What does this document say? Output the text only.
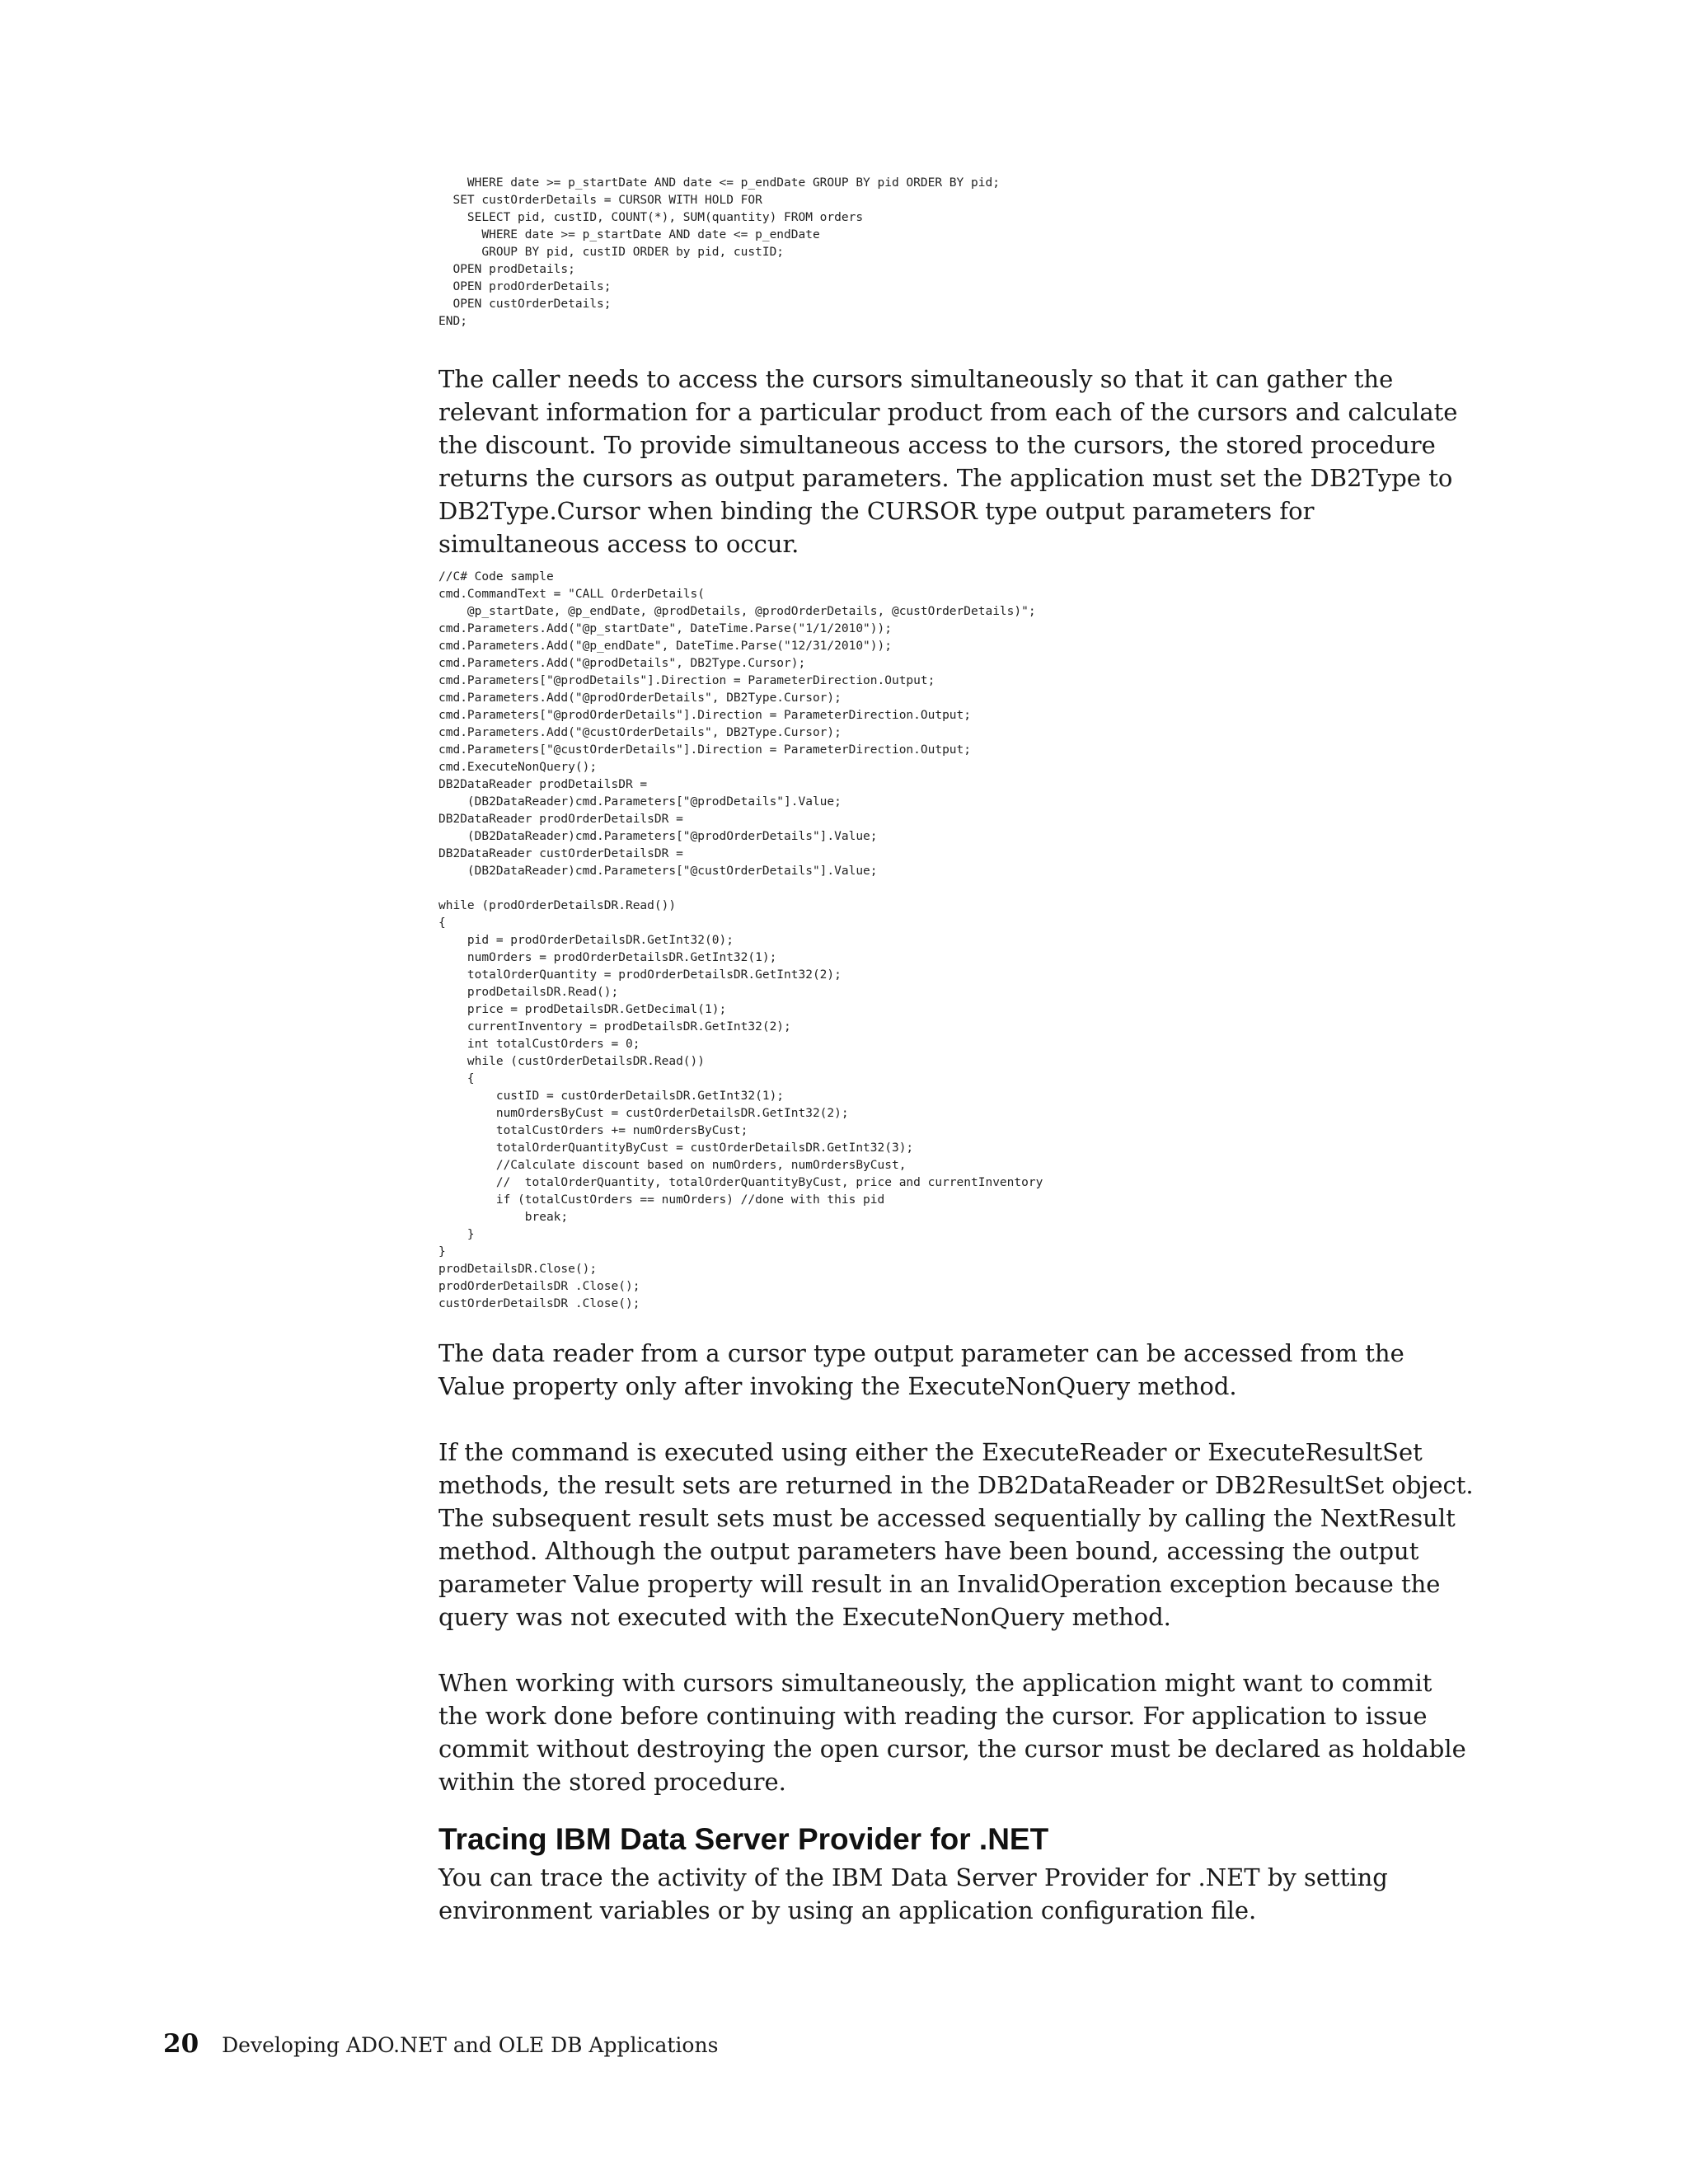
WHERE date >= p_startDate AND date <= p_endDate GROUP BY pid ORDER BY pid;
SET custOrderDetails = CURSOR WITH HOLD FOR
SELECT pid, custID, COUNT(*), SUM(quantity) FROM orders
WHERE date >= p_startDate AND date <= p_endDate
GROUP BY pid, custID ORDER by pid, custID;
OPEN prodDetails;
OPEN prodOrderDetails;
OPEN custOrderDetails;
END;

The caller needs to access the cursors simultaneously so that it can gather the relevant information for a particular product from each of the cursors and calculate the discount. To provide simultaneous access to the cursors, the stored procedure returns the cursors as output parameters. The application must set the DB2Type to DB2Type.Cursor when binding the CURSOR type output parameters for simultaneous access to occur.

//C# Code sample
cmd.CommandText = "CALL OrderDetails(
@p_startDate, @p_endDate, @prodDetails, @prodOrderDetails, @custOrderDetails)";
cmd.Parameters.Add("@p_startDate", DateTime.Parse("1/1/2010"));
cmd.Parameters.Add("@p_endDate", DateTime.Parse("12/31/2010"));
cmd.Parameters.Add("@prodDetails", DB2Type.Cursor);
cmd.Parameters["@prodDetails"].Direction = ParameterDirection.Output;
cmd.Parameters.Add("@prodOrderDetails", DB2Type.Cursor);
cmd.Parameters["@prodOrderDetails"].Direction = ParameterDirection.Output;
cmd.Parameters.Add("@custOrderDetails", DB2Type.Cursor);
cmd.Parameters["@custOrderDetails"].Direction = ParameterDirection.Output;
cmd.ExecuteNonQuery();
DB2DataReader prodDetailsDR =
(DB2DataReader)cmd.Parameters["@prodDetails"].Value;
DB2DataReader prodOrderDetailsDR =
(DB2DataReader)cmd.Parameters["@prodOrderDetails"].Value;
DB2DataReader custOrderDetailsDR =
(DB2DataReader)cmd.Parameters["@custOrderDetails"].Value;

while (prodOrderDetailsDR.Read())
{
pid = prodOrderDetailsDR.GetInt32(0);
numOrders = prodOrderDetailsDR.GetInt32(1);
totalOrderQuantity = prodOrderDetailsDR.GetInt32(2);
prodDetailsDR.Read();
price = prodDetailsDR.GetDecimal(1);
currentInventory = prodDetailsDR.GetInt32(2);
int totalCustOrders = 0;
while (custOrderDetailsDR.Read())
{
custID = custOrderDetailsDR.GetInt32(1);
numOrdersByCust = custOrderDetailsDR.GetInt32(2);
totalCustOrders += numOrdersByCust;
totalOrderQuantityByCust = custOrderDetailsDR.GetInt32(3);
//Calculate discount based on numOrders, numOrdersByCust,
//  totalOrderQuantity, totalOrderQuantityByCust, price and currentInventory
if (totalCustOrders == numOrders) //done with this pid
break;
}
}
prodDetailsDR.Close();
prodOrderDetailsDR .Close();
custOrderDetailsDR .Close();

The data reader from a cursor type output parameter can be accessed from the Value property only after invoking the ExecuteNonQuery method.

If the command is executed using either the ExecuteReader or ExecuteResultSet methods, the result sets are returned in the DB2DataReader or DB2ResultSet object. The subsequent result sets must be accessed sequentially by calling the NextResult method. Although the output parameters have been bound, accessing the output parameter Value property will result in an InvalidOperation exception because the query was not executed with the ExecuteNonQuery method.

When working with cursors simultaneously, the application might want to commit the work done before continuing with reading the cursor. For application to issue commit without destroying the open cursor, the cursor must be declared as holdable within the stored procedure.

Tracing IBM Data Server Provider for .NET

You can trace the activity of the IBM Data Server Provider for .NET by setting environment variables or by using an application configuration file.

20 Developing ADO.NET and OLE DB Applications
